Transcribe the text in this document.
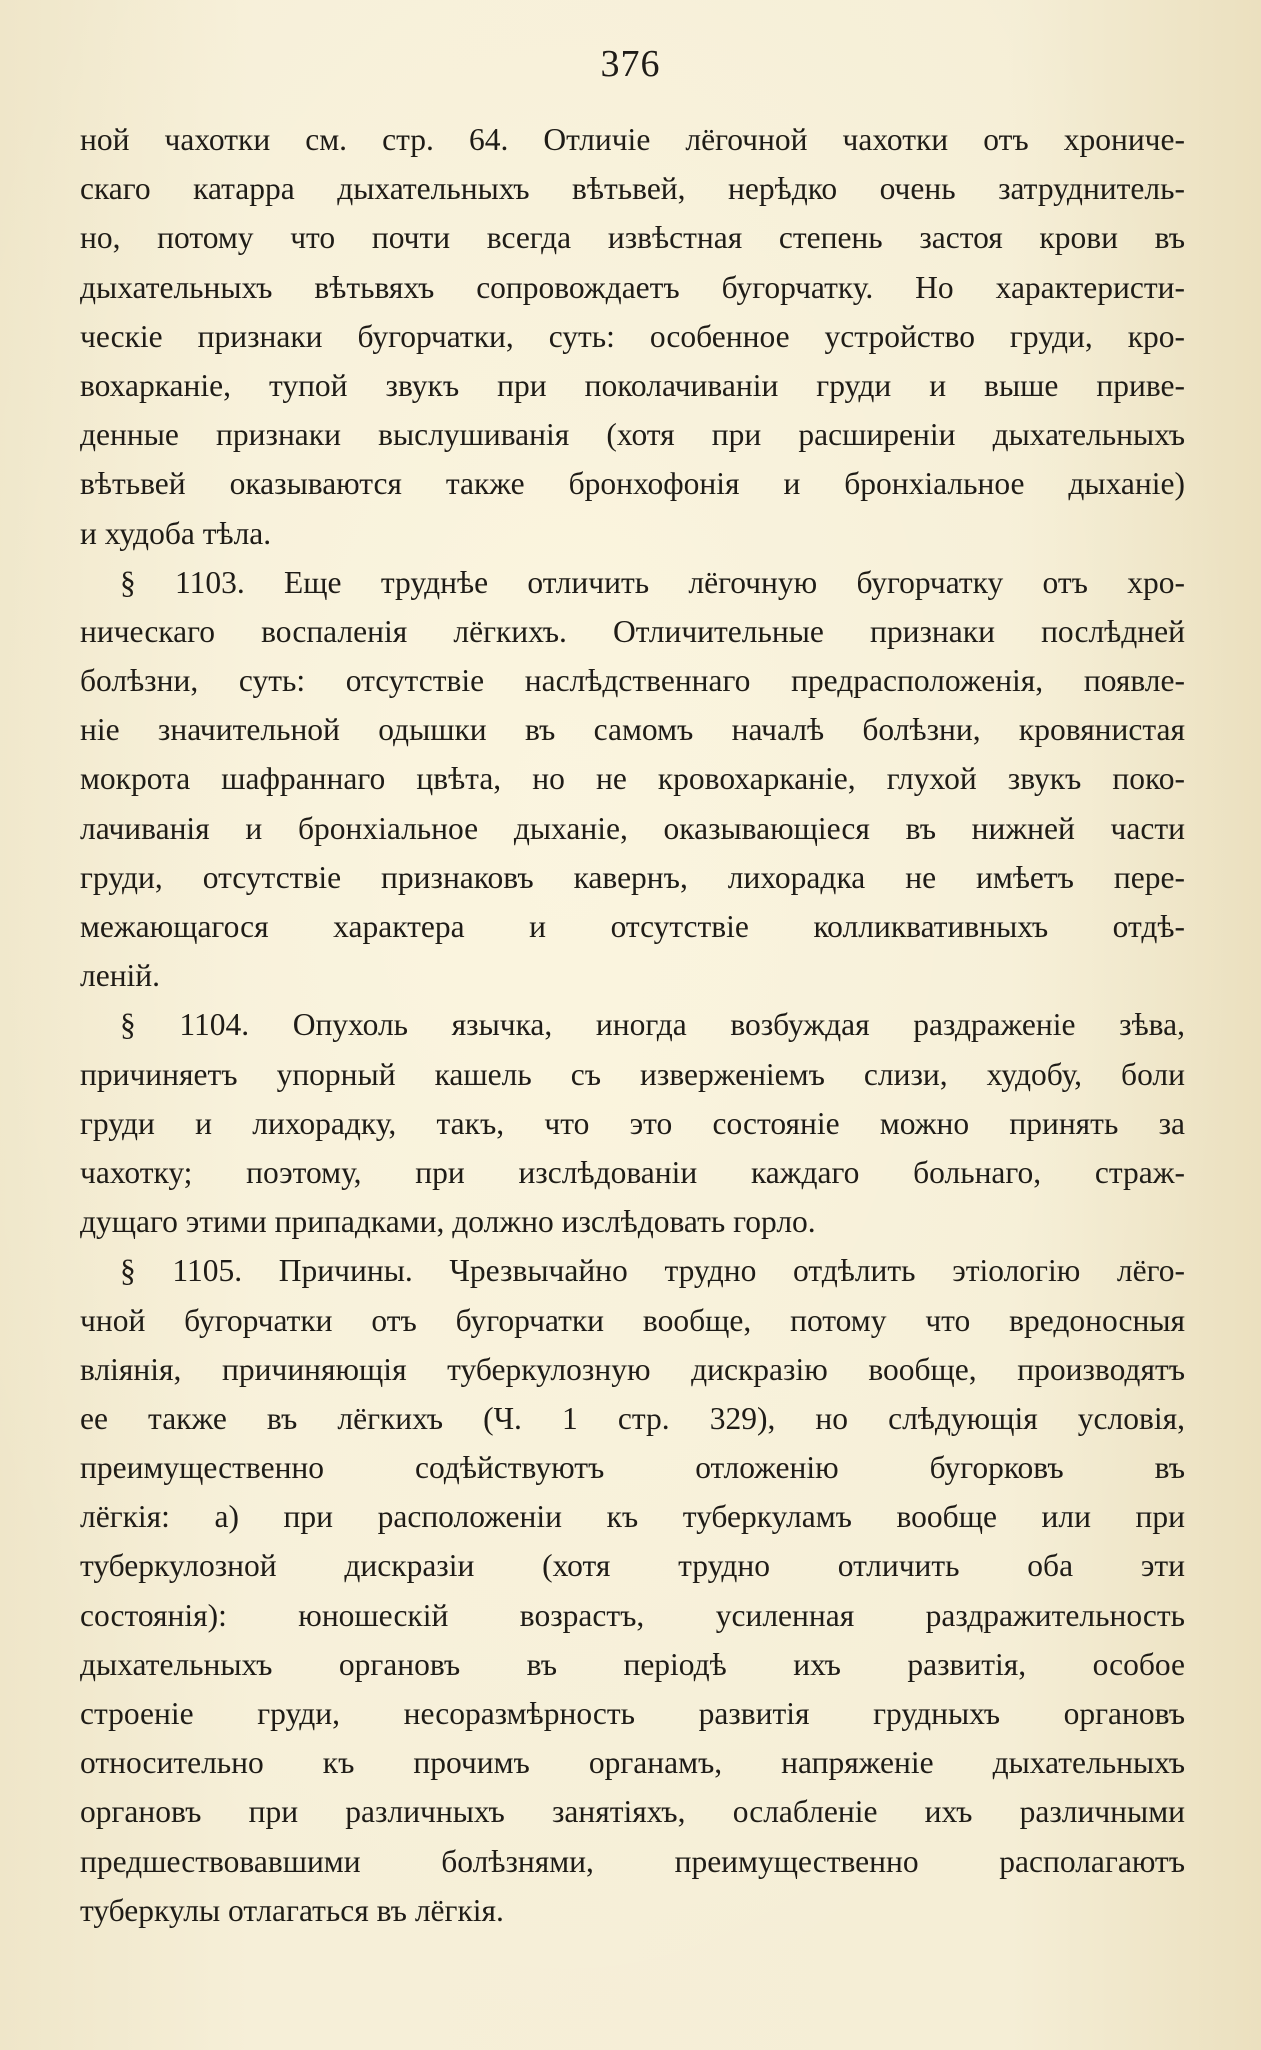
376
ной чахотки см. стр. 64. Отличіе лёгочной чахотки отъ хрониче-
скаго катарра дыхательныхъ вѣтьвей, нерѣдко очень затруднитель-
но, потому что почти всегда извѣстная степень застоя крови въ
дыхательныхъ вѣтьвяхъ сопровождаетъ бугорчатку. Но характеристи-
ческіе признаки бугорчатки, суть: особенное устройство груди, кро-
вохарканіе, тупой звукъ при поколачиваніи груди и выше приве-
денные признаки выслушиванія (хотя при расширеніи дыхательныхъ
вѣтьвей оказываются также бронхофонія и бронхіальное дыханіе)
и худоба тѣла.
§ 1103. Еще труднѣе отличить лёгочную бугорчатку отъ хро-
ническаго воспаленія лёгкихъ. Отличительные признаки послѣдней
болѣзни, суть: отсутствіе наслѣдственнаго предрасположенія, появле-
ніе значительной одышки въ самомъ началѣ болѣзни, кровянистая
мокрота шафраннаго цвѣта, но не кровохарканіе, глухой звукъ поко-
лачиванія и бронхіальное дыханіе, оказывающіеся въ нижней части
груди, отсутствіе признаковъ кавернъ, лихорадка не имѣетъ пере-
межающагося характера и отсутствіе колликвативныхъ отдѣ-
леній.
§ 1104. Опухоль язычка, иногда возбуждая раздраженіе зѣва,
причиняетъ упорный кашель съ изверженіемъ слизи, худобу, боли
груди и лихорадку, такъ, что это состояніе можно принять за
чахотку; поэтому, при изслѣдованіи каждаго больнаго, страж-
дущаго этими припадками, должно изслѣдовать горло.
§ 1105. Причины. Чрезвычайно трудно отдѣлить этіологію лёго-
чной бугорчатки отъ бугорчатки вообще, потому что вредоносныя
вліянія, причиняющія туберкулозную дискразію вообще, производятъ
ее также въ лёгкихъ (Ч. 1 стр. 329), но слѣдующія условія,
преимущественно содѣйствуютъ отложенію бугорковъ въ
лёгкія: а) при расположеніи къ туберкуламъ вообще или при
туберкулозной дискразіи (хотя трудно отличить оба эти
состоянія): юношескій возрастъ, усиленная раздражительность
дыхательныхъ органовъ въ періодѣ ихъ развитія, особое
строеніе груди, несоразмѣрность развитія грудныхъ органовъ
относительно къ прочимъ органамъ, напряженіе дыхательныхъ
органовъ при различныхъ занятіяхъ, ослабленіе ихъ различными
предшествовавшими болѣзнями, преимущественно располагаютъ
туберкулы отлагаться въ лёгкія.
